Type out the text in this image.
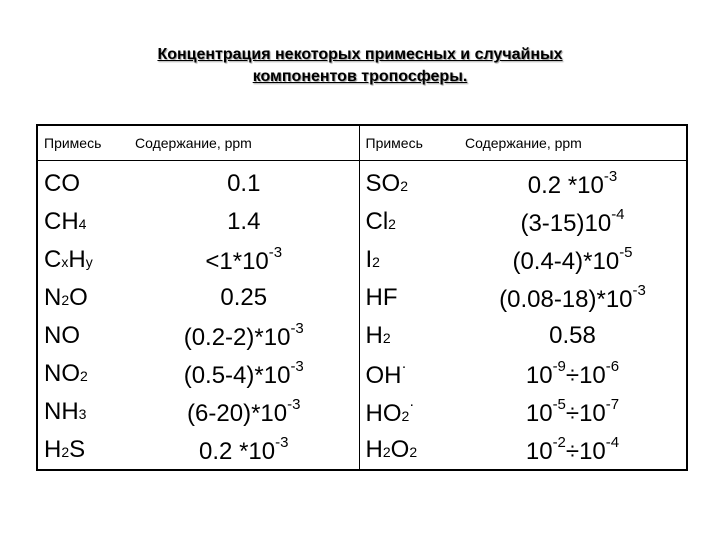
Концентрация некоторых примесных и случайных
компонентов тропосферы.
Примесь	Содержание, ppm	Примесь	Содержание, ppm
CO	0.1	SO2	0.2 $*10^{-3}$
CH4	1.4	Cl2	$(3-15)10^{-4}$
CxHy	$<1*10^{-3}$	I2	$(0.4-4)*10^{-5}$
N2O	0.25	HF	$(0.08-18)*10^{-3}$
NO	$(0.2-2)*10^{-3}$	H2	0.58
NO2	$(0.5-4)*10^{-3}$	OH·	$10^{-9}\div 10^{-6}$
NH3	$(6-20)*10^{-3}$	HO2·	$10^{-5}\div 10^{-7}$
H2S	0.2 $*10^{-3}$	H2O2	$10^{-2}\div 10^{-4}$
